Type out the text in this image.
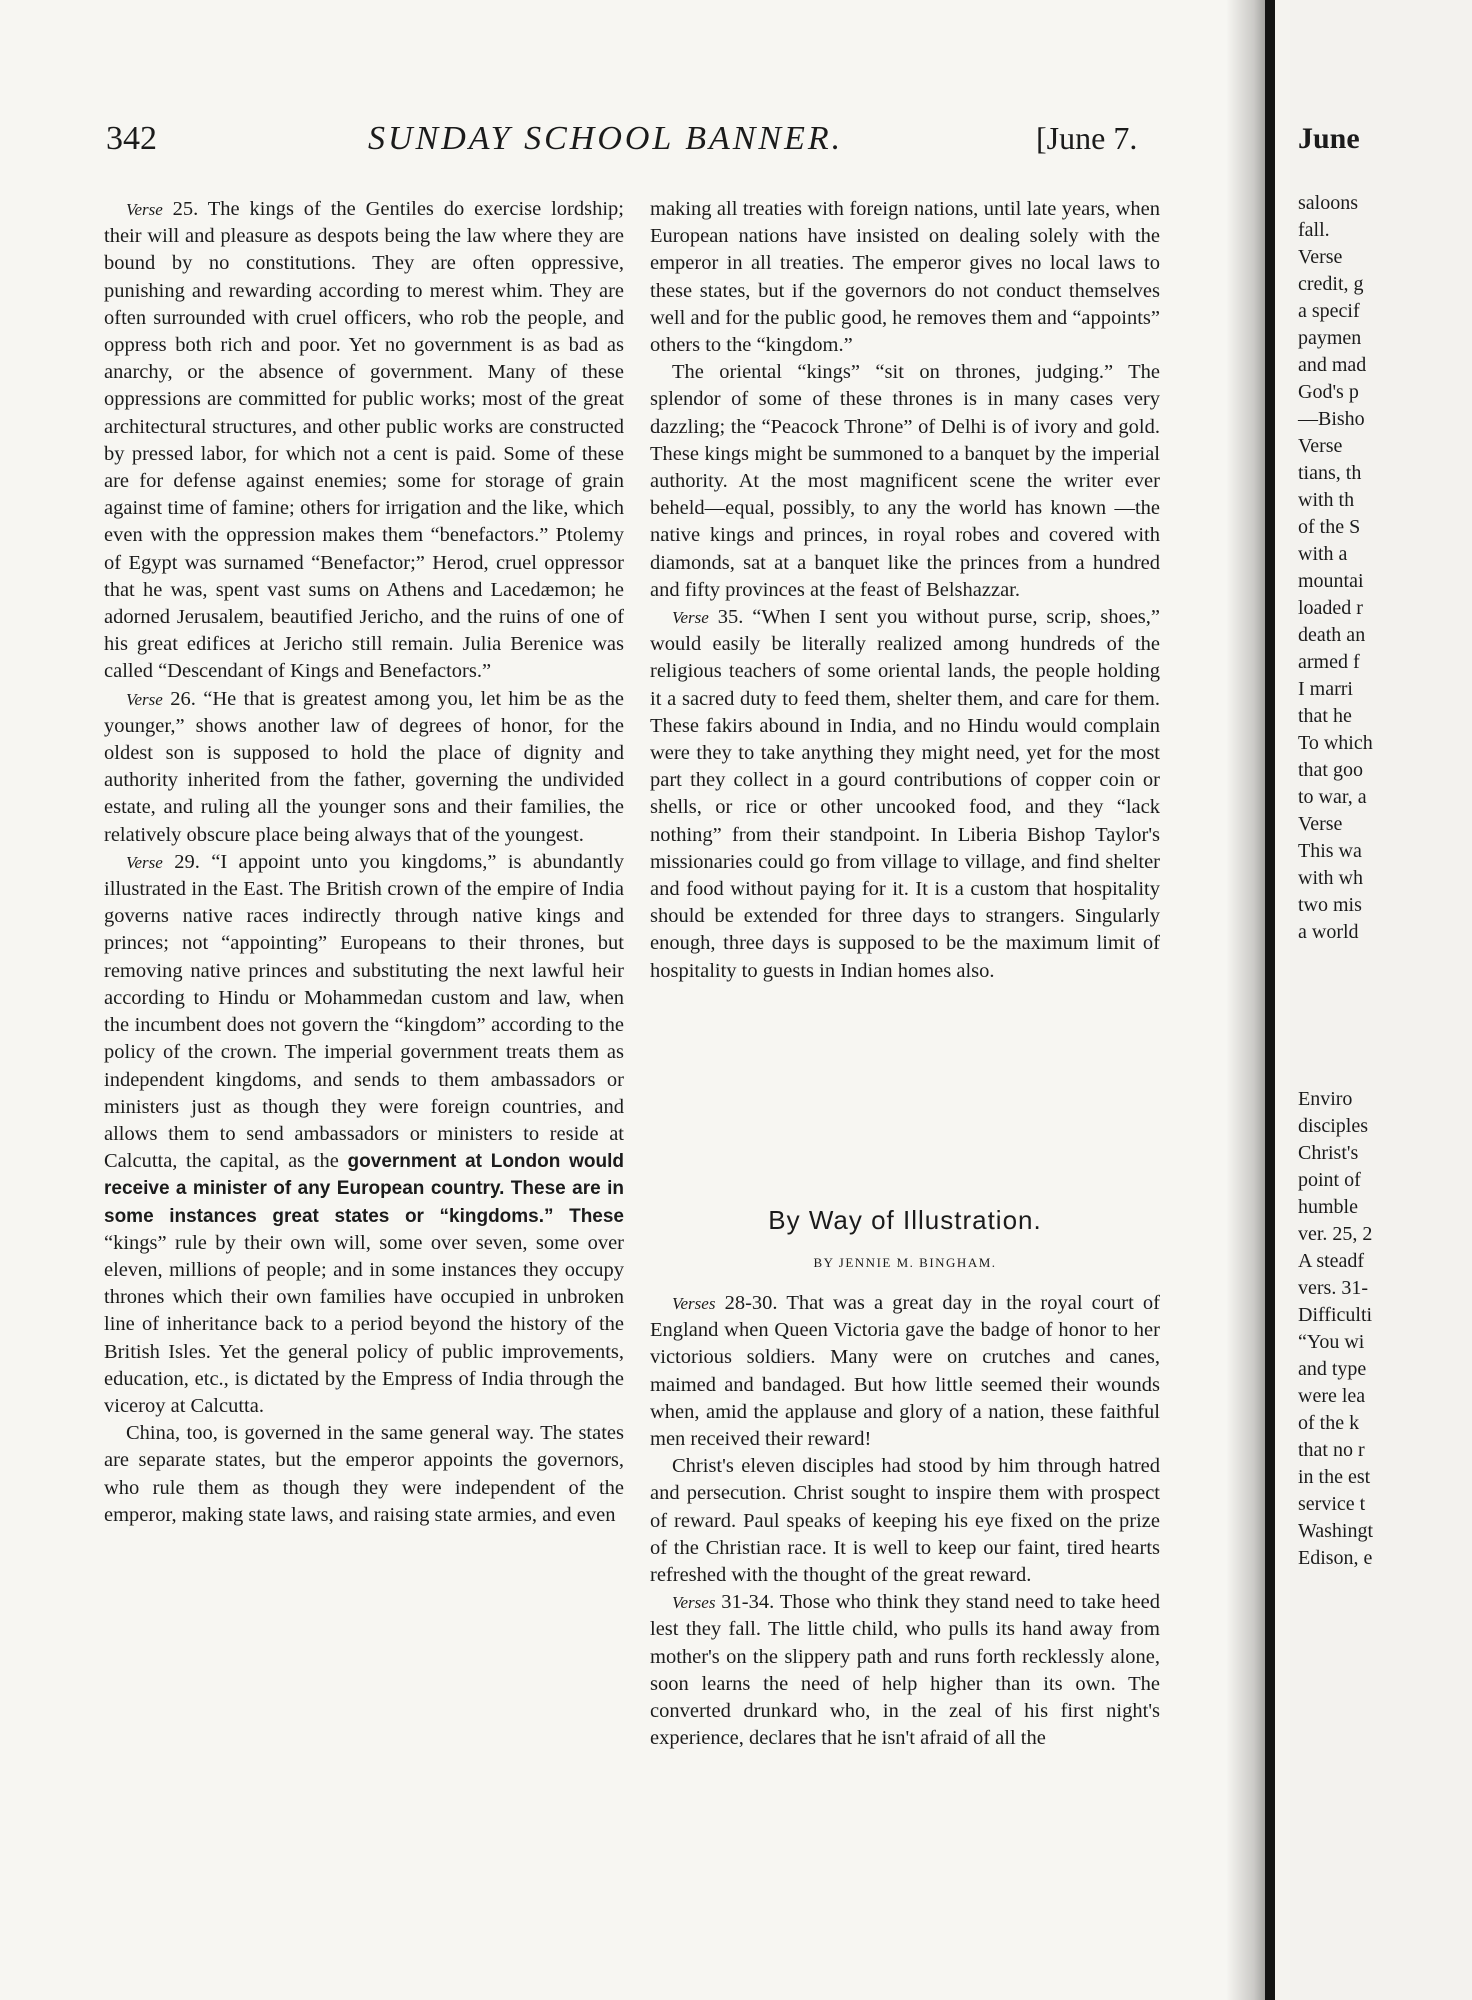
342	SUNDAY SCHOOL BANNER.	[June 7.

Verse 25. The kings of the Gentiles do exercise lordship; their will and pleasure as despots being the law where they are bound by no constitutions. They are often oppressive, punishing and rewarding according to merest whim. They are often surrounded with cruel officers, who rob the people, and oppress both rich and poor. Yet no government is as bad as anarchy, or the absence of government. Many of these oppressions are committed for public works; most of the great architectural structures, and other public works are constructed by pressed labor, for which not a cent is paid. Some of these are for defense against enemies; some for storage of grain against time of famine; others for irrigation and the like, which even with the oppression makes them “benefactors.” Ptolemy of Egypt was surnamed “Benefactor;” Herod, cruel oppressor that he was, spent vast sums on Athens and Lacedæmon; he adorned Jerusalem, beautified Jericho, and the ruins of one of his great edifices at Jericho still remain. Julia Berenice was called “Descendant of Kings and Benefactors.”

Verse 26. “He that is greatest among you, let him be as the younger,” shows another law of degrees of honor, for the oldest son is supposed to hold the place of dignity and authority inherited from the father, governing the undivided estate, and ruling all the younger sons and their families, the relatively obscure place being always that of the youngest.

Verse 29. “I appoint unto you kingdoms,” is abundantly illustrated in the East. The British crown of the empire of India governs native races indirectly through native kings and princes; not “appointing” Europeans to their thrones, but removing native princes and substituting the next lawful heir according to Hindu or Mohammedan custom and law, when the incumbent does not govern the “kingdom” according to the policy of the crown. The imperial government treats them as independent kingdoms, and sends to them ambassadors or ministers just as though they were foreign countries, and allows them to send ambassadors or ministers to reside at Calcutta, the capital, as the government at London would receive a minister of any European country. These are in some instances great states or “kingdoms.” These “kings” rule by their own will, some over seven, some over eleven, millions of people; and in some instances they occupy thrones which their own families have occupied in unbroken line of inheritance back to a period beyond the history of the British Isles. Yet the general policy of public improvements, education, etc., is dictated by the Empress of India through the viceroy at Calcutta.

China, too, is governed in the same general way. The states are separate states, but the emperor appoints the governors, who rule them as though they were independent of the emperor, making state laws, and raising state armies, and even

making all treaties with foreign nations, until late years, when European nations have insisted on dealing solely with the emperor in all treaties. The emperor gives no local laws to these states, but if the governors do not conduct themselves well and for the public good, he removes them and “appoints” others to the “kingdom.”

The oriental “kings” “sit on thrones, judging.” The splendor of some of these thrones is in many cases very dazzling; the “Peacock Throne” of Delhi is of ivory and gold. These kings might be summoned to a banquet by the imperial authority. At the most magnificent scene the writer ever beheld—equal, possibly, to any the world has known —the native kings and princes, in royal robes and covered with diamonds, sat at a banquet like the princes from a hundred and fifty provinces at the feast of Belshazzar.

Verse 35. “When I sent you without purse, scrip, shoes,” would easily be literally realized among hundreds of the religious teachers of some oriental lands, the people holding it a sacred duty to feed them, shelter them, and care for them. These fakirs abound in India, and no Hindu would complain were they to take anything they might need, yet for the most part they collect in a gourd contributions of copper coin or shells, or rice or other uncooked food, and they “lack nothing” from their standpoint. In Liberia Bishop Taylor's missionaries could go from village to village, and find shelter and food without paying for it. It is a custom that hospitality should be extended for three days to strangers. Singularly enough, three days is supposed to be the maximum limit of hospitality to guests in Indian homes also.

By Way of Illustration.
BY JENNIE M. BINGHAM.

Verses 28-30. That was a great day in the royal court of England when Queen Victoria gave the badge of honor to her victorious soldiers. Many were on crutches and canes, maimed and bandaged. But how little seemed their wounds when, amid the applause and glory of a nation, these faithful men received their reward!

Christ's eleven disciples had stood by him through hatred and persecution. Christ sought to inspire them with prospect of reward. Paul speaks of keeping his eye fixed on the prize of the Christian race. It is well to keep our faint, tired hearts refreshed with the thought of the great reward.

Verses 31-34. Those who think they stand need to take heed lest they fall. The little child, who pulls its hand away from mother's on the slippery path and runs forth recklessly alone, soon learns the need of help higher than its own. The converted drunkard who, in the zeal of his first night's experience, declares that he isn't afraid of all the

June
saloons
fall.
Verse
credit, g
a specif
paymen
and mad
God's p
—Bisho
Verse
tians, th
with th
of the S
with a
mountai
loaded r
death an
armed f
I marri
that he
To which
that goo
to war, a
Verse
This wa
with wh
two mis
a world
Enviro
disciples
Christ's
point of
humble
ver. 25, 2
A steadf
vers. 31-
Difficulti
“You wi
and type
were lea
of the k
that no r
in the est
service t
Washingt
Edison, e
